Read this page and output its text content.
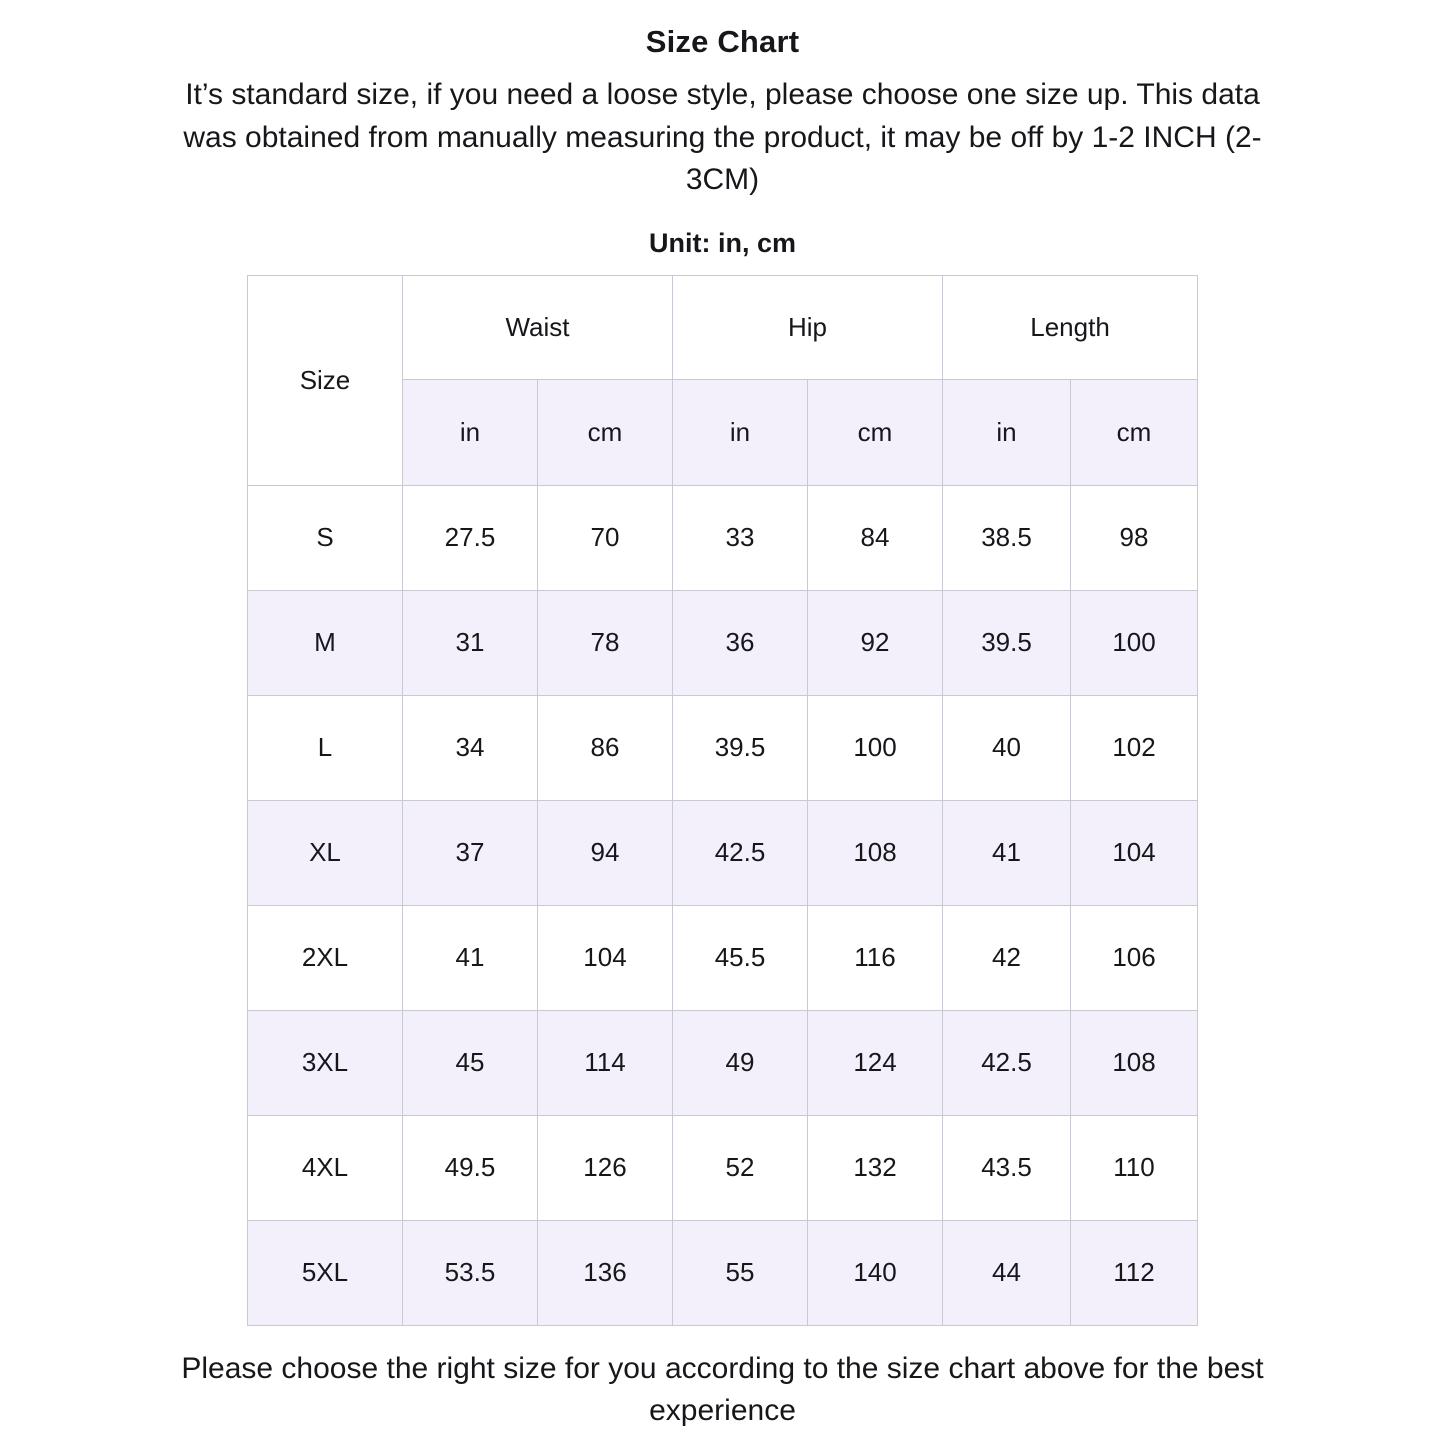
Size Chart
It’s standard size, if you need a loose style, please choose one size up. This data was obtained from manually measuring the product, it may be off by 1-2 INCH (2-3CM)
Unit: in, cm
Size	Waist		Hip		Length	
	in	cm	in	cm	in	cm
S	27.5	70	33	84	38.5	98
M	31	78	36	92	39.5	100
L	34	86	39.5	100	40	102
XL	37	94	42.5	108	41	104
2XL	41	104	45.5	116	42	106
3XL	45	114	49	124	42.5	108
4XL	49.5	126	52	132	43.5	110
5XL	53.5	136	55	140	44	112
Please choose the right size for you according to the size chart above for the best experience
